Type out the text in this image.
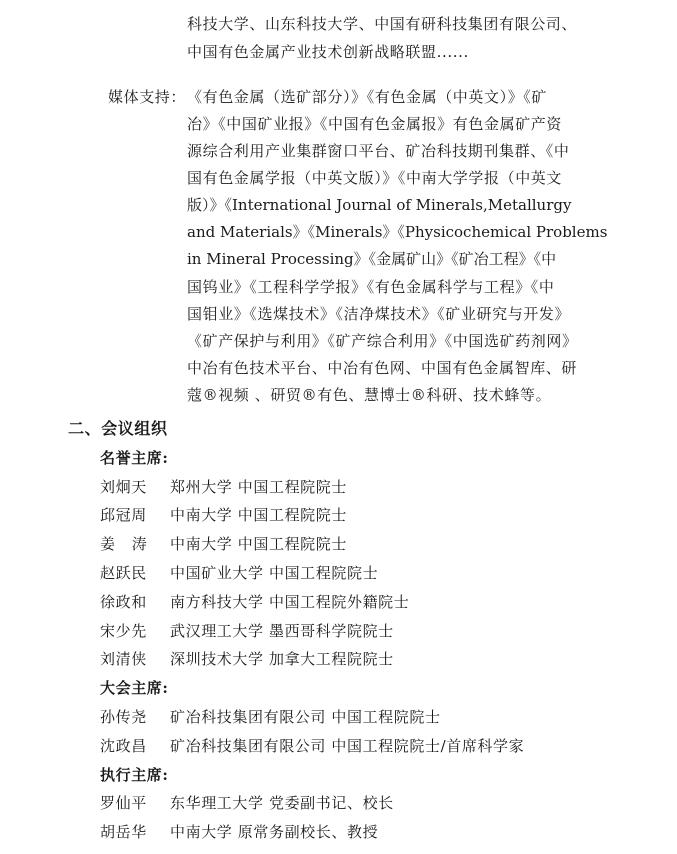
科技大学、山东科技大学、中国有研科技集团有限公司、
中国有色金属产业技术创新战略联盟......
媒体支持： 《有色金属（选矿部分）》《有色金属（中英文）》《矿
冶》《中国矿业报》《中国有色金属报》有色金属矿产资
源综合利用产业集群窗口平台、矿冶科技期刊集群、《中
国有色金属学报（中英文版）》《中南大学学报（中英文
版）》《International Journal of Minerals,Metallurgy
and Materials》《Minerals》《Physicochemical Problems
in Mineral Processing》《金属矿山》《矿冶工程》《中
国钨业》《工程科学学报》《有色金属科学与工程》《中
国钼业》《选煤技术》《洁净煤技术》《矿业研究与开发》
《矿产保护与利用》《矿产综合利用》《中国选矿药剂网》
中冶有色技术平台、中冶有色网、中国有色金属智库、研
蔻®视频 、研贸®有色、慧博士®科研、技术蜂等。
二、会议组织
名誉主席:
刘炯天 郑州大学 中国工程院院士
邱冠周 中南大学 中国工程院院士
姜   涛 中南大学 中国工程院院士
赵跃民 中国矿业大学 中国工程院院士
徐政和 南方科技大学 中国工程院外籍院士
宋少先 武汉理工大学 墨西哥科学院院士
刘清侠 深圳技术大学 加拿大工程院院士
大会主席:
孙传尧 矿冶科技集团有限公司 中国工程院院士
沈政昌 矿冶科技集团有限公司 中国工程院院士/首席科学家
执行主席:
罗仙平 东华理工大学 党委副书记、校长
胡岳华 中南大学 原常务副校长、教授
